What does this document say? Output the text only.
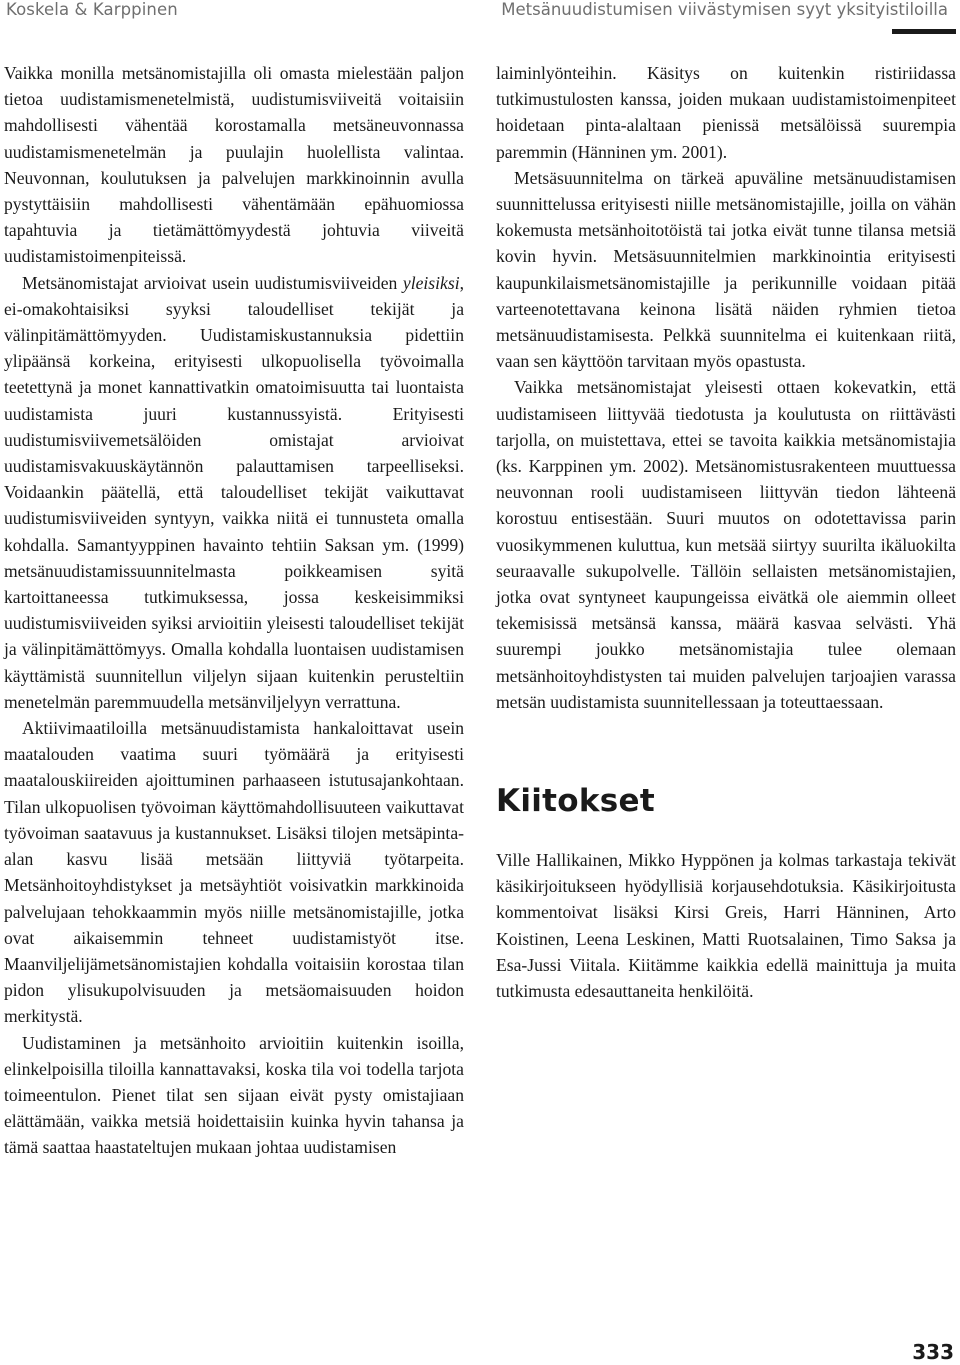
Koskela & Karppinen	Metsänuudistumisen viivästymisen syyt yksityistiloilla

Vaikka monilla metsänomistajilla oli omasta mielestään paljon tietoa uudistamismenetelmistä, uudistumisviiveitä voitaisiin mahdollisesti vähentää korostamalla metsäneuvonnassa uudistamismenetelmän ja puulajin huolellista valintaa. Neuvonnan, koulutuksen ja palvelujen markkinoinnin avulla pystyttäisiin mahdollisesti vähentämään epähuomiossa tapahtuvia ja tietämättömyydestä johtuvia viiveitä uudistamistoimenpiteissä.

Metsänomistajat arvioivat usein uudistumisviiveiden yleisiksi, ei-omakohtaisiksi syyksi taloudelliset tekijät ja välinpitämättömyyden. Uudistamiskustannuksia pidettiin ylipäänsä korkeina, erityisesti ulkopuolisella työvoimalla teetettynä ja monet kannattivatkin omatoimisuutta tai luontaista uudistamista juuri kustannussyistä. Erityisesti uudistumisviivemetsälöiden omistajat arvioivat uudistamisvakuuskäytännön palauttamisen tarpeelliseksi. Voidaankin päätellä, että taloudelliset tekijät vaikuttavat uudistumisviiveiden syntyyn, vaikka niitä ei tunnusteta omalla kohdalla. Samantyyppinen havainto tehtiin Saksan ym. (1999) metsänuudistamissuunnitelmasta poikkeamisen syitä kartoittaneessa tutkimuksessa, jossa keskeisimmiksi uudistumisviiveiden syiksi arvioitiin yleisesti taloudelliset tekijät ja välinpitämättömyys. Omalla kohdalla luontaisen uudistamisen käyttämistä suunnitellun viljelyn sijaan kuitenkin perusteltiin menetelmän paremmuudella metsänviljelyyn verrattuna.

Aktiivimaatiloilla metsänuudistamista hankaloittavat usein maatalouden vaatima suuri työmäärä ja erityisesti maatalouskiireiden ajoittuminen parhaaseen istutusajankohtaan. Tilan ulkopuolisen työvoiman käyttömahdollisuuteen vaikuttavat työvoiman saatavuus ja kustannukset. Lisäksi tilojen metsäpinta-alan kasvu lisää metsään liittyviä työtarpeita. Metsänhoitoyhdistykset ja metsäyhtiöt voisivatkin markkinoida palvelujaan tehokkaammin myös niille metsänomistajille, jotka ovat aikaisemmin tehneet uudistamistyöt itse. Maanviljelijämetsänomistajien kohdalla voitaisiin korostaa tilan pidon ylisukupolvisuuden ja metsäomaisuuden hoidon merkitystä.

Uudistaminen ja metsänhoito arvioitiin kuitenkin isoilla, elinkelpoisilla tiloilla kannattavaksi, koska tila voi todella tarjota toimeentulon. Pienet tilat sen sijaan eivät pysty omistajiaan elättämään, vaikka metsiä hoidettaisiin kuinka hyvin tahansa ja tämä saattaa haastateltujen mukaan johtaa uudistamisen

laiminlyönteihin. Käsitys on kuitenkin ristiriidassa tutkimustulosten kanssa, joiden mukaan uudistamistoimenpiteet hoidetaan pinta-alaltaan pienissä metsälöissä suurempia paremmin (Hänninen ym. 2001).

Metsäsuunnitelma on tärkeä apuväline metsänuudistamisen suunnittelussa erityisesti niille metsänomistajille, joilla on vähän kokemusta metsänhoitotöistä tai jotka eivät tunne tilansa metsiä kovin hyvin. Metsäsuunnitelmien markkinointia erityisesti kaupunkilaismetsänomistajille ja perikunnille voidaan pitää varteenotettavana keinona lisätä näiden ryhmien tietoa metsänuudistamisesta. Pelkkä suunnitelma ei kuitenkaan riitä, vaan sen käyttöön tarvitaan myös opastusta.

Vaikka metsänomistajat yleisesti ottaen kokevatkin, että uudistamiseen liittyvää tiedotusta ja koulutusta on riittävästi tarjolla, on muistettava, ettei se tavoita kaikkia metsänomistajia (ks. Karppinen ym. 2002). Metsänomistusrakenteen muuttuessa neuvonnan rooli uudistamiseen liittyvän tiedon lähteenä korostuu entisestään. Suuri muutos on odotettavissa parin vuosikymmenen kuluttua, kun metsää siirtyy suurilta ikäluokilta seuraavalle sukupolvelle. Tällöin sellaisten metsänomistajien, jotka ovat syntyneet kaupungeissa eivätkä ole aiemmin olleet tekemisissä metsänsä kanssa, määrä kasvaa selvästi. Yhä suurempi joukko metsänomistajia tulee olemaan metsänhoitoyhdistysten tai muiden palvelujen tarjoajien varassa metsän uudistamista suunnitellessaan ja toteuttaessaan.

Kiitokset

Ville Hallikainen, Mikko Hyppönen ja kolmas tarkastaja tekivät käsikirjoitukseen hyödyllisiä korjausehdotuksia. Käsikirjoitusta kommentoivat lisäksi Kirsi Greis, Harri Hänninen, Arto Koistinen, Leena Leskinen, Matti Ruotsalainen, Timo Saksa ja Esa-Jussi Viitala. Kiitämme kaikkia edellä mainittuja ja muita tutkimusta edesauttaneita henkilöitä.

333
